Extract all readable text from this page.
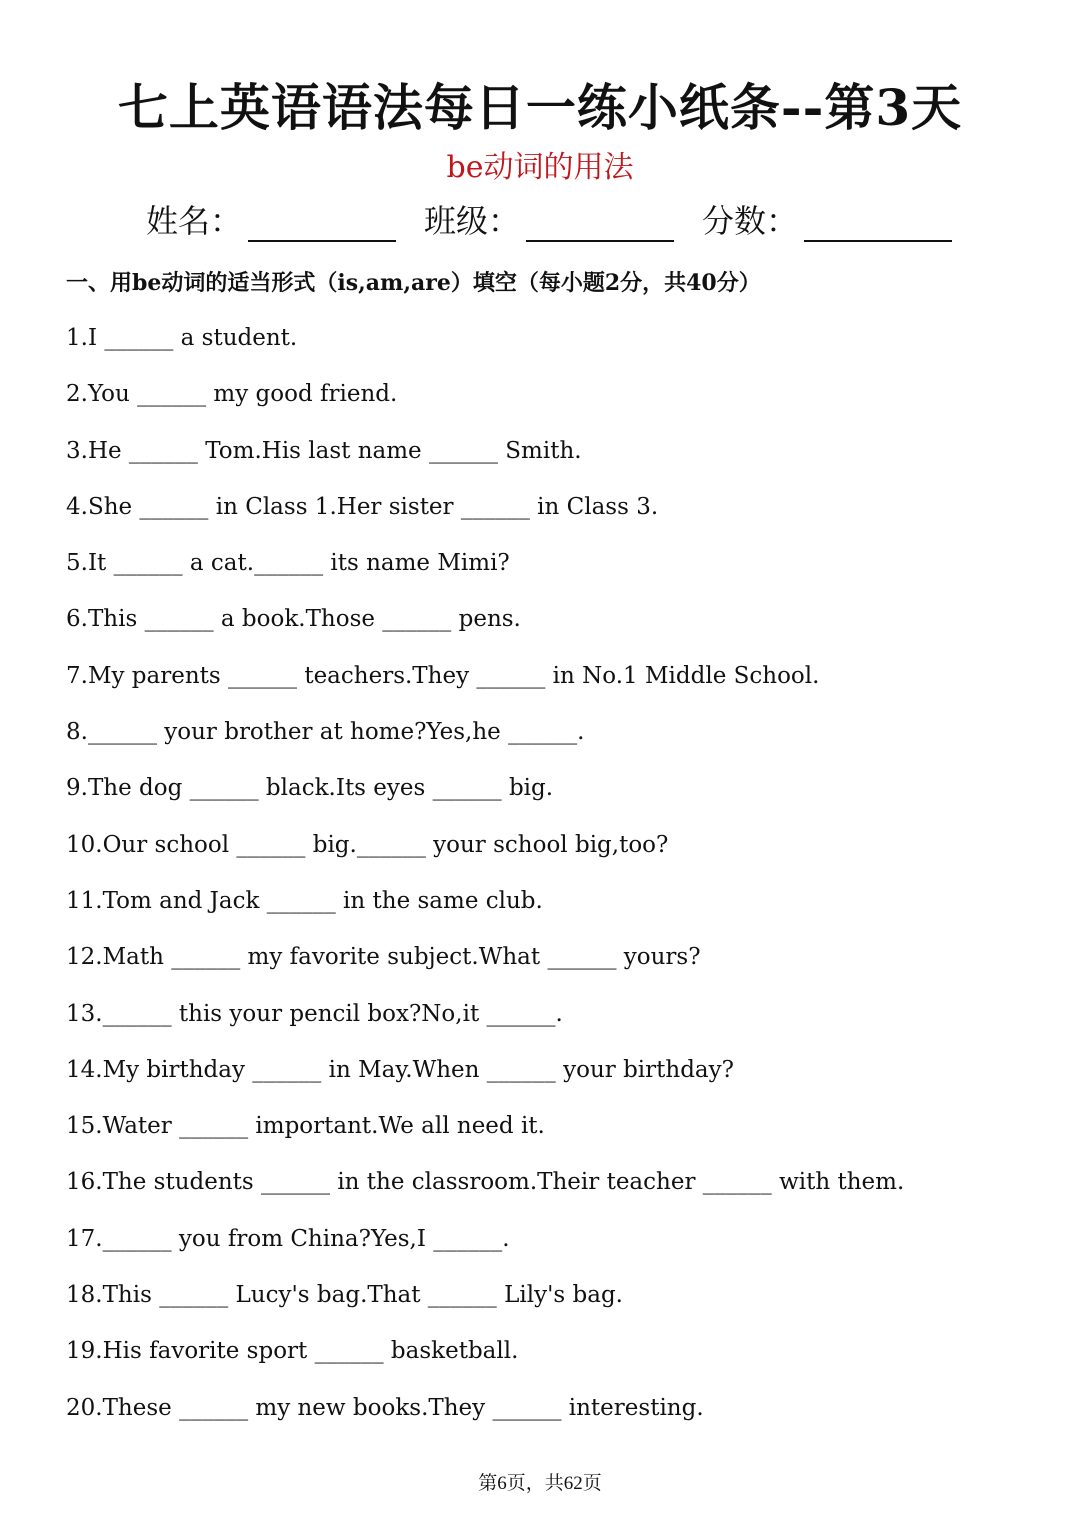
七上英语语法每日一练小纸条--第3天
be动词的用法
姓名：	班级：	分数：
一、用be动词的适当形式（is,am,are）填空（每小题2分，共40分）
1.I ______ a student.
2.You ______ my good friend.
3.He ______ Tom.His last name ______ Smith.
4.She ______ in Class 1.Her sister ______ in Class 3.
5.It ______ a cat.______ its name Mimi?
6.This ______ a book.Those ______ pens.
7.My parents ______ teachers.They ______ in No.1 Middle School.
8.______ your brother at home?Yes,he ______.
9.The dog ______ black.Its eyes ______ big.
10.Our school ______ big.______ your school big,too?
11.Tom and Jack ______ in the same club.
12.Math ______ my favorite subject.What ______ yours?
13.______ this your pencil box?No,it ______.
14.My birthday ______ in May.When ______ your birthday?
15.Water ______ important.We all need it.
16.The students ______ in the classroom.Their teacher ______ with them.
17.______ you from China?Yes,I ______.
18.This ______ Lucy's bag.That ______ Lily's bag.
19.His favorite sport ______ basketball.
20.These ______ my new books.They ______ interesting.
第6页，共62页
